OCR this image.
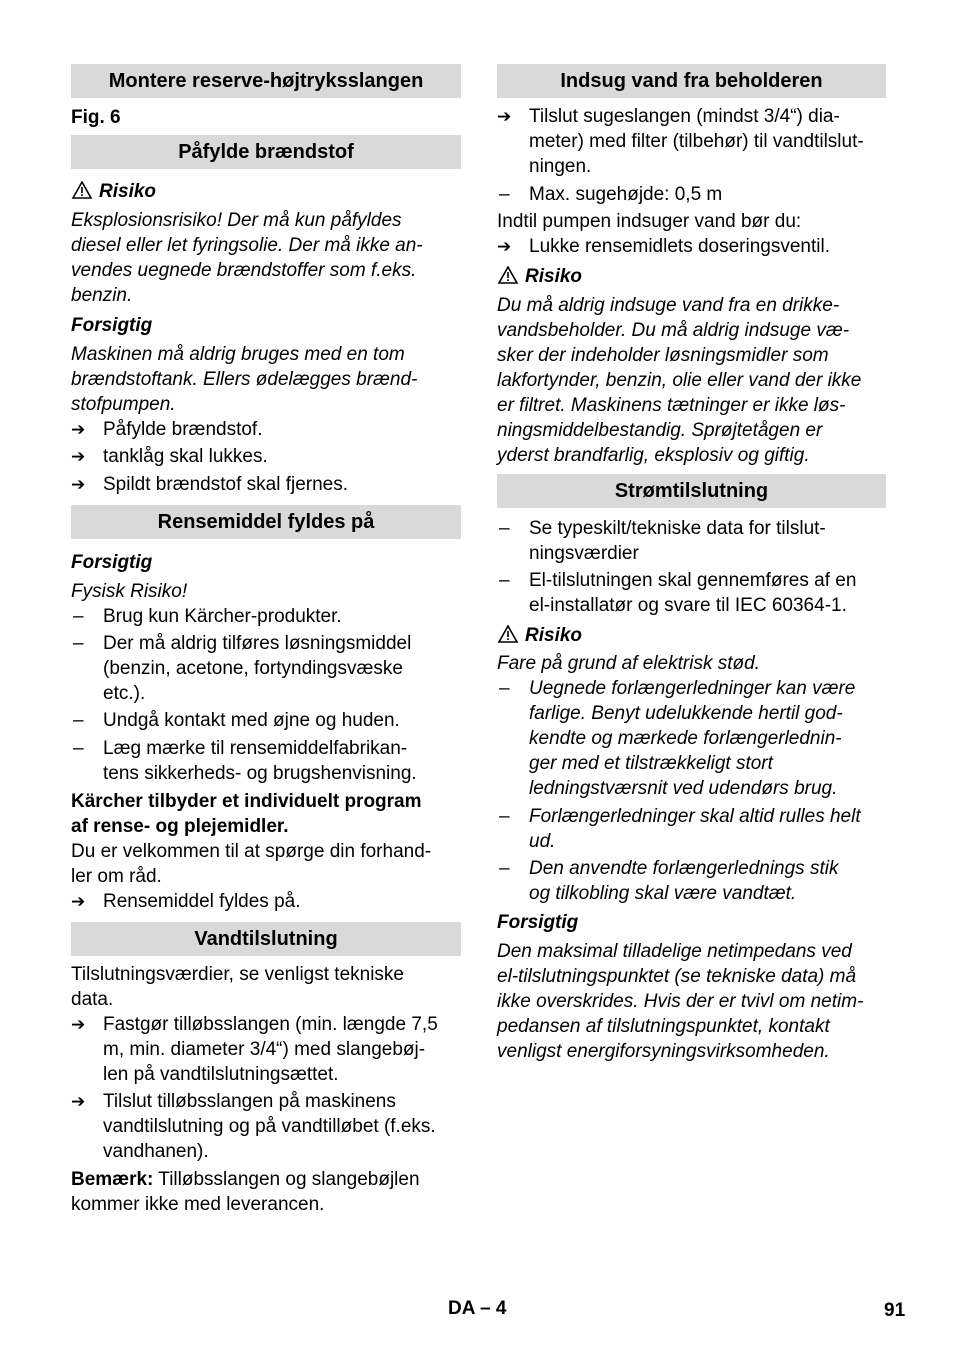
Montere reserve-højtryksslangen

Fig. 6

Påfylde brændstof

Risiko

Eksplosionsrisiko! Der må kun påfyldes
diesel eller let fyringsolie. Der må ikke an-
vendes uegnede brændstoffer som f.eks.
benzin.

Forsigtig

Maskinen må aldrig bruges med en tom
brændstoftank. Ellers ødelægges brænd-
stofpumpen.
➔ Påfylde brændstof.
➔ tanklåg skal lukkes.
➔ Spildt brændstof skal fjernes.
Rensemiddel fyldes på

Forsigtig

Fysisk Risiko!

–	Brug kun Kärcher-produkter.
–	Der må aldrig tilføres løsningsmiddel
(benzin, acetone, fortyndingsvæske
etc.).
–	Undgå kontakt med øjne og huden.
–	Læg mærke til rensemiddelfabrikan-
tens sikkerheds- og brugshenvisning.
Kärcher tilbyder et individuelt program
af rense- og plejemidler.
Du er velkommen til at spørge din forhand-
ler om råd.
➔ Rensemiddel fyldes på.
Vandtilslutning
Tilslutningsværdier, se venligst tekniske
data.
➔ Fastgør tilløbsslangen (min. længde 7,5
m, min. diameter 3/4“) med slangebøj-
len på vandtilslutningsættet.
➔ Tilslut tilløbsslangen på maskinens
vandtilslutning og på vandtilløbet (f.eks.
vandhanen).
Bemærk: Tilløbsslangen og slangebøjlen
kommer ikke med leverancen.
Indsug vand fra beholderen
➔ Tilslut sugeslangen (mindst 3/4“) dia-
meter) med filter (tilbehør) til vandtilslut-
ningen.
–	Max. sugehøjde: 0,5 m

Indtil pumpen indsuger vand bør du:

➔ Lukke rensemidlets doseringsventil.

Risiko

Du må aldrig indsuge vand fra en drikke-
vandsbeholder. Du må aldrig indsuge væ-
sker der indeholder løsningsmidler som
lakfortynder, benzin, olie eller vand der ikke
er filtret. Maskinens tætninger er ikke løs-
ningsmiddelbestandig. Sprøjtetågen er
yderst brandfarlig, eksplosiv og giftig.
Strømtilslutning
–	Se typeskilt/tekniske data for tilslut-
ningsværdier
–	El-tilslutningen skal gennemføres af en
el-installatør og svare til IEC 60364-1.

Risiko

Fare på grund af elektrisk stød.

–	Uegnede forlængerledninger kan være
farlige. Benyt udelukkende hertil god-
kendte og mærkede forlængerlednin-
ger med et tilstrækkeligt stort
ledningstværsnit ved udendørs brug.
–	Forlængerledninger skal altid rulles helt
ud.
–	Den anvendte forlængerlednings stik
og tilkobling skal være vandtæt.

Forsigtig

Den maksimal tilladelige netimpedans ved
el-tilslutningspunktet (se tekniske data) må
ikke overskrides. Hvis der er tvivl om netim-
pedansen af tilslutningspunktet, kontakt
venligst energiforsyningsvirksomheden.
DA – 4	91
